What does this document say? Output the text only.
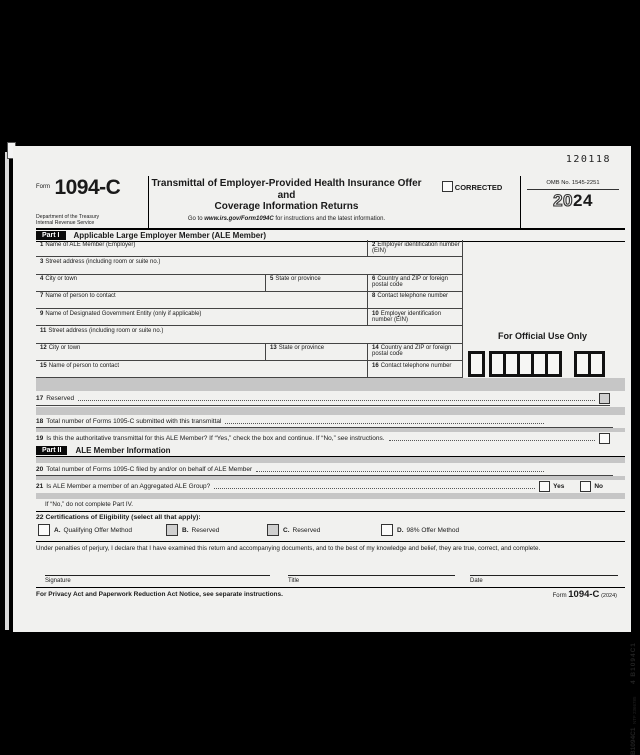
120118
$^{Form}$ 1094-C
Department of the Treasury
Internal Revenue Service
Transmittal of Employer-Provided Health Insurance Offer and
Coverage Information Returns
Go to www.irs.gov/Form1094C for instructions and the latest information.
CORRECTED	OMB No. 1545-2251
2024
Part I	Applicable Large Employer Member (ALE Member)
1 Name of ALE Member (Employer)	2 Employer identification number (EIN)
3 Street address (including room or suite no.)
4 City or town	5 State or province	6 Country and ZIP or foreign postal code
7 Name of person to contact	8 Contact telephone number
9 Name of Designated Government Entity (only if applicable)	10 Employer identification number (EIN)
11 Street address (including room or suite no.)
12 City or town	13 State or province	14 Country and ZIP or foreign postal code
15 Name of person to contact	16 Contact telephone number
For Official Use Only
17 Reserved
18 Total number of Forms 1095-C submitted with this transmittal
19 Is this the authoritative transmittal for this ALE Member? If “Yes,” check the box and continue. If “No,” see instructions.
Part II	ALE Member Information
20 Total number of Forms 1095-C filed by and/or on behalf of ALE Member
21 Is ALE Member a member of an Aggregated ALE Group?	Yes	No
If “No,” do not complete Part IV.
22 Certifications of Eligibility (select all that apply):
A. Qualifying Offer Method	B. Reserved	C. Reserved	D. 98% Offer Method
Under penalties of perjury, I declare that I have examined this return and accompanying documents, and to the best of my knowledge and belief, they are true, correct, and complete.
Signature	Title	Date
For Privacy Act and Paperwork Reduction Act Notice, see separate instructions.	Form 1094-C (2024)
4 B1094C1
NTF 2366785
B1094C1
